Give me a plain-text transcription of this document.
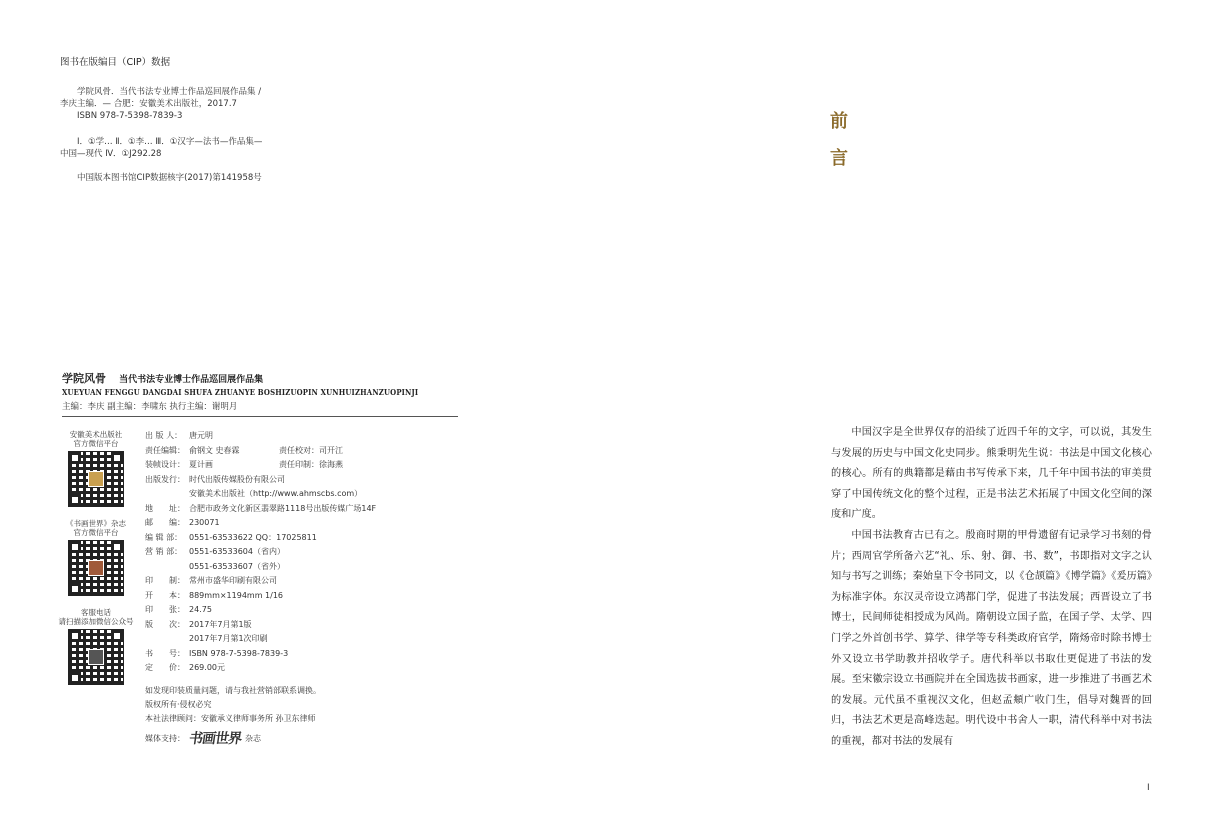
图书在版编目（CIP）数据
学院风骨．当代书法专业博士作品巡回展作品集 /
李庆主编．— 合肥：安徽美术出版社，2017.7
ISBN 978-7-5398-7839-3
Ⅰ．①学… Ⅱ．①李… Ⅲ．①汉字—法书—作品集—
中国—现代 Ⅳ．①J292.28
中国版本图书馆CIP数据核字(2017)第141958号
学院风骨 当代书法专业博士作品巡回展作品集
XUEYUAN FENGGU DANGDAI SHUFA ZHUANYE BOSHIZUOPIN XUNHUIZHANZUOPINJI
主编：李庆 副主编：李啸东 执行主编：谢明月
安徽美术出版社
官方微信平台
《书画世界》杂志
官方微信平台
客服电话
请扫描添加微信公众号
出 版 人： 唐元明
责任编辑： 俞钢文 史春霖	责任校对：司开江
装帧设计： 夏计画	责任印制：徐海燕
出版发行： 时代出版传媒股份有限公司
安徽美术出版社（http://www.ahmscbs.com）
地　　址： 合肥市政务文化新区翡翠路1118号出版传媒广场14F
邮　　编： 230071
编 辑 部： 0551-63533622 QQ：17025811
营 销 部： 0551-63533604（省内）
0551-63533607（省外）
印　　制： 常州市盛华印刷有限公司
开　　本： 889mm×1194mm 1/16
印　　张： 24.75
版　　次： 2017年7月第1版
2017年7月第1次印刷
书　　号： ISBN 978-7-5398-7839-3
定　　价： 269.00元
如发现印装质量问题，请与我社营销部联系调换。
版权所有·侵权必究
本社法律顾问：安徽承义律师事务所 孙卫东律师
媒体支持： 书画世界 杂志
前
言

中国汉字是全世界仅存的沿续了近四千年的文字，可以说，其发生与发展的历史与中国文化史同步。熊秉明先生说：书法是中国文化核心的核心。所有的典籍都是藉由书写传承下来，几千年中国书法的审美贯穿了中国传统文化的整个过程，正是书法艺术拓展了中国文化空间的深度和广度。

中国书法教育古已有之。殷商时期的甲骨遗留有记录学习书刻的骨片；西周官学所备六艺“礼、乐、射、御、书、数”，书即指对文字之认知与书写之训练；秦始皇下令书同文，以《仓颉篇》《博学篇》《爰历篇》为标准字体。东汉灵帝设立鸿都门学，促进了书法发展；西晋设立了书博士，民间师徒相授成为风尚。隋朝设立国子监，在国子学、太学、四门学之外首创书学、算学、律学等专科类政府官学，隋炀帝时除书博士外又设立书学助教并招收学子。唐代科举以书取仕更促进了书法的发展。至宋徽宗设立书画院并在全国选拔书画家，进一步推进了书画艺术的发展。元代虽不重视汉文化，但赵孟頫广收门生，倡导对魏晋的回归，书法艺术更是高峰迭起。明代设中书舍人一职，清代科举中对书法的重视，都对书法的发展有

I
